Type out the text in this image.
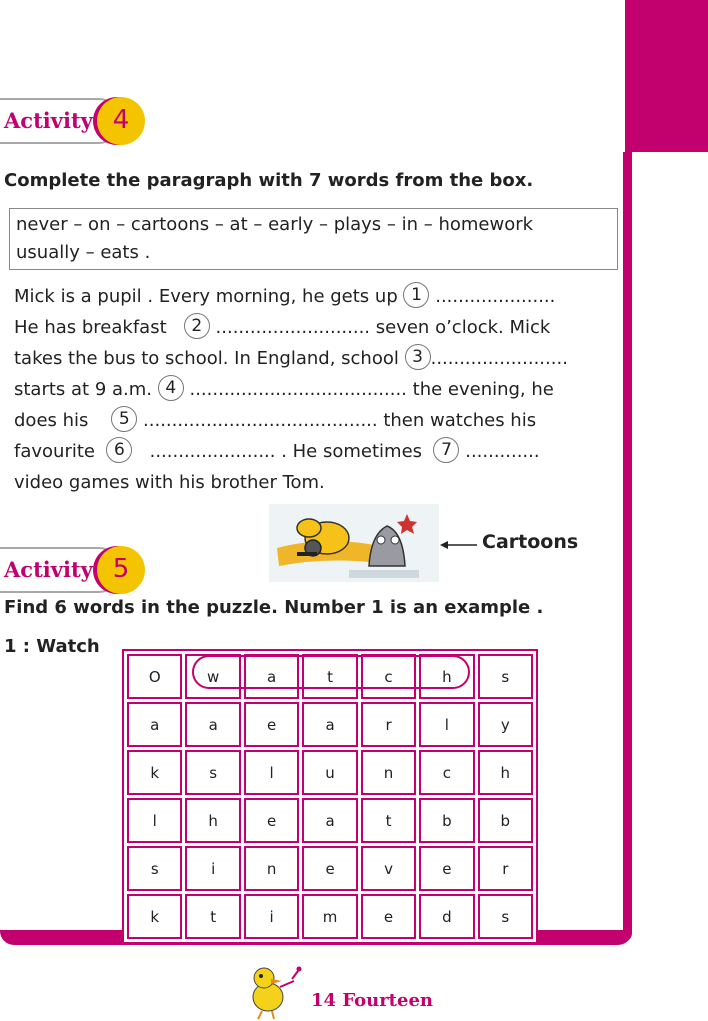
Activity 4
Complete the paragraph with 7 words from the box.
never – on – cartoons – at – early – plays – in – homework
usually – eats .
Mick is a pupil . Every morning, he gets up 1 .....................
He has breakfast 2 ........................... seven o’clock. Mick
takes the bus to school. In England, school 3 ........................
starts at 9 a.m. 4 ...................................... the evening, he
does his 5 ......................................... then watches his
favourite 6   ...................... . He sometimes 7 .............
video games with his brother Tom.
Cartoons
Activity 5
Find 6 words in the puzzle. Number 1 is an example .
1 : Watch
O	w	a	t	c	h	s
a	a	e	a	r	l	y
k	s	l	u	n	c	h
l	h	e	a	t	b	b
s	i	n	e	v	e	r
k	t	i	m	e	d	s
14 Fourteen
